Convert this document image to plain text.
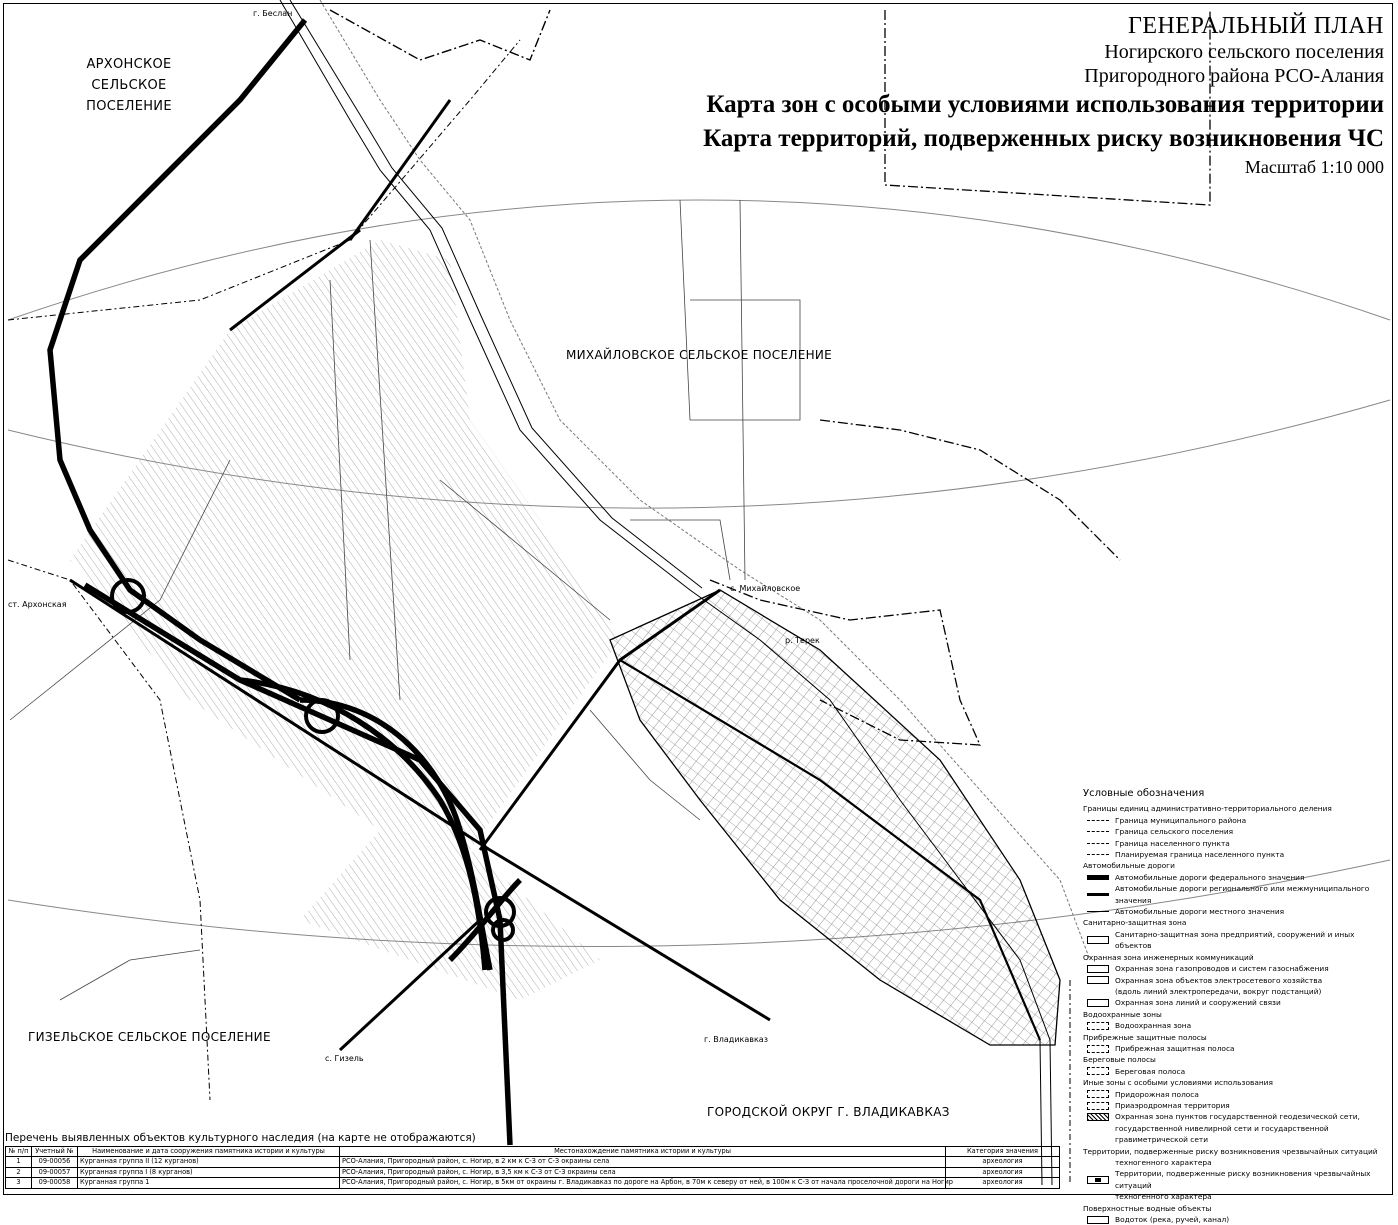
ГЕНЕРАЛЬНЫЙ ПЛАН
Ногирского сельского поселения
Пригородного района РСО-Алания
Карта зон с особыми условиями использования территории
Карта территорий, подверженных риску возникновения ЧС
Масштаб 1:10 000
АРХОНСКОЕ
СЕЛЬСКОЕ
ПОСЕЛЕНИЕ
МИХАЙЛОВСКОЕ СЕЛЬСКОЕ ПОСЕЛЕНИЕ
ГИЗЕЛЬСКОЕ СЕЛЬСКОЕ ПОСЕЛЕНИЕ
ГОРОДСКОЙ ОКРУГ Г. ВЛАДИКАВКАЗ
г. Беслан
ст. Архонская
с. Михайловское
р. Терек
г. Владикавказ
с. Гизель
Условные обозначения
Границы единиц административно-территориального деления
Граница муниципального района
Граница сельского поселения
Граница населенного пункта
Планируемая граница населенного пункта
Автомобильные дороги
Автомобильные дороги федерального значения
Автомобильные дороги регионального или межмуниципального значения
Автомобильные дороги местного значения
Санитарно-защитная зона
Санитарно-защитная зона предприятий, сооружений и иных объектов
Охранная зона инженерных коммуникаций
Охранная зона газопроводов и систем газоснабжения
Охранная зона объектов электросетевого хозяйства
(вдоль линий электропередачи, вокруг подстанций)
Охранная зона линий и сооружений связи
Водоохранные зоны
Водоохранная зона
Прибрежные защитные полосы
Прибрежная защитная полоса
Береговые полосы
Береговая полоса
Иные зоны с особыми условиями использования
Придорожная полоса
Приаэродромная территория
Охранная зона пунктов государственной геодезической сети,
государственной нивелирной сети и государственной гравиметрической сети
Территории, подверженные риску возникновения чрезвычайных ситуаций
техногенного характера
Территории, подверженные риску возникновения чрезвычайных ситуаций
техногенного характера
Поверхностные водные объекты
Водоток (река, ручей, канал)
Перечень выявленных объектов культурного наследия (на карте не отображаются)
№ п/п	Учетный №	Наименование и дата сооружения памятника истории и культуры	Местонахождение памятника истории и культуры	Категория значения
1	09-00056	Курганная группа II (12 курганов)	РСО-Алания, Пригородный район, с. Ногир, в 2 км к С-З от С-З окраины села	археология
2	09-00057	Курганная группа I (8 курганов)	РСО-Алания, Пригородный район, с. Ногир, в 3,5 км к С-З от С-З окраины села	археология
3	09-00058	Курганная группа 1	РСО-Алания, Пригородный район, с. Ногир, в 5км от окраины г. Владикавказ по дороге на Арбон, в 70м к северу от ней, в 100м к С-З от начала проселочной дороги на Ногир	археология
